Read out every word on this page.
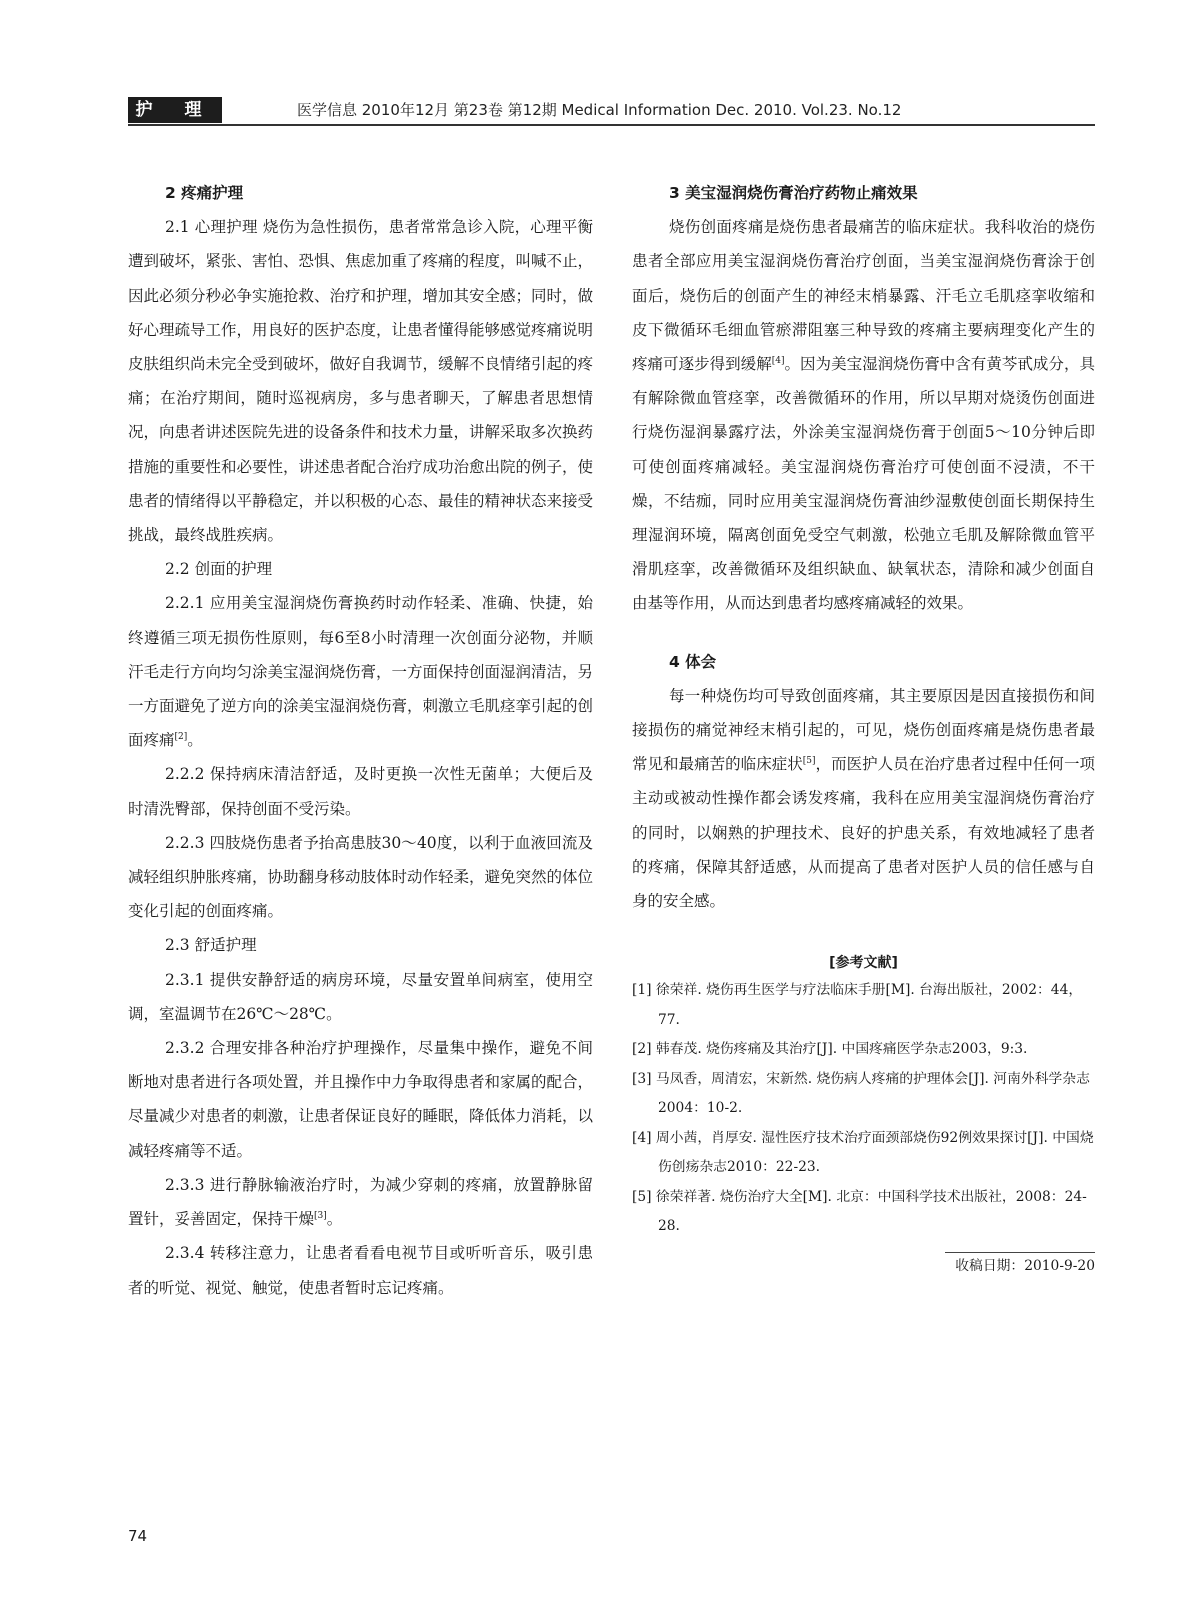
护 理	医学信息 2010年12月 第23卷 第12期 Medical Information Dec. 2010. Vol.23. No.12

2 疼痛护理

2.1 心理护理 烧伤为急性损伤，患者常常急诊入院，心理平衡遭到破坏，紧张、害怕、恐惧、焦虑加重了疼痛的程度，叫喊不止，因此必须分秒必争实施抢救、治疗和护理，增加其安全感；同时，做好心理疏导工作，用良好的医护态度，让患者懂得能够感觉疼痛说明皮肤组织尚未完全受到破坏，做好自我调节，缓解不良情绪引起的疼痛；在治疗期间，随时巡视病房，多与患者聊天，了解患者思想情况，向患者讲述医院先进的设备条件和技术力量，讲解采取多次换药措施的重要性和必要性，讲述患者配合治疗成功治愈出院的例子，使患者的情绪得以平静稳定，并以积极的心态、最佳的精神状态来接受挑战，最终战胜疾病。

2.2 创面的护理

2.2.1 应用美宝湿润烧伤膏换药时动作轻柔、准确、快捷，始终遵循三项无损伤性原则，每6至8小时清理一次创面分泌物，并顺汗毛走行方向均匀涂美宝湿润烧伤膏，一方面保持创面湿润清洁，另一方面避免了逆方向的涂美宝湿润烧伤膏，刺激立毛肌痉挛引起的创面疼痛[2]。

2.2.2 保持病床清洁舒适，及时更换一次性无菌单；大便后及时清洗臀部，保持创面不受污染。

2.2.3 四肢烧伤患者予抬高患肢30～40度，以利于血液回流及减轻组织肿胀疼痛，协助翻身移动肢体时动作轻柔，避免突然的体位变化引起的创面疼痛。

2.3 舒适护理

2.3.1 提供安静舒适的病房环境，尽量安置单间病室，使用空调，室温调节在26℃～28℃。

2.3.2 合理安排各种治疗护理操作，尽量集中操作，避免不间断地对患者进行各项处置，并且操作中力争取得患者和家属的配合，尽量减少对患者的刺激，让患者保证良好的睡眠，降低体力消耗，以减轻疼痛等不适。

2.3.3 进行静脉输液治疗时，为减少穿刺的疼痛，放置静脉留置针，妥善固定，保持干燥[3]。

2.3.4 转移注意力，让患者看看电视节目或听听音乐，吸引患者的听觉、视觉、触觉，使患者暂时忘记疼痛。

3 美宝湿润烧伤膏治疗药物止痛效果

烧伤创面疼痛是烧伤患者最痛苦的临床症状。我科收治的烧伤患者全部应用美宝湿润烧伤膏治疗创面，当美宝湿润烧伤膏涂于创面后，烧伤后的创面产生的神经末梢暴露、汗毛立毛肌痉挛收缩和皮下微循环毛细血管瘀滞阻塞三种导致的疼痛主要病理变化产生的疼痛可逐步得到缓解[4]。因为美宝湿润烧伤膏中含有黄芩甙成分，具有解除微血管痉挛，改善微循环的作用，所以早期对烧烫伤创面进行烧伤湿润暴露疗法，外涂美宝湿润烧伤膏于创面5～10分钟后即可使创面疼痛减轻。美宝湿润烧伤膏治疗可使创面不浸渍，不干燥，不结痂，同时应用美宝湿润烧伤膏油纱湿敷使创面长期保持生理湿润环境，隔离创面免受空气刺激，松弛立毛肌及解除微血管平滑肌痉挛，改善微循环及组织缺血、缺氧状态，清除和减少创面自由基等作用，从而达到患者均感疼痛减轻的效果。

4 体会

每一种烧伤均可导致创面疼痛，其主要原因是因直接损伤和间接损伤的痛觉神经末梢引起的，可见，烧伤创面疼痛是烧伤患者最常见和最痛苦的临床症状[5]，而医护人员在治疗患者过程中任何一项主动或被动性操作都会诱发疼痛，我科在应用美宝湿润烧伤膏治疗的同时，以娴熟的护理技术、良好的护患关系，有效地减轻了患者的疼痛，保障其舒适感，从而提高了患者对医护人员的信任感与自身的安全感。

[参考文献]

[1] 徐荣祥. 烧伤再生医学与疗法临床手册[M]. 台海出版社，2002：44，77.

[2] 韩春茂. 烧伤疼痛及其治疗[J]. 中国疼痛医学杂志2003，9:3.

[3] 马凤香，周清宏，宋新然. 烧伤病人疼痛的护理体会[J]. 河南外科学杂志2004：10-2.

[4] 周小茜，肖厚安. 湿性医疗技术治疗面颈部烧伤92例效果探讨[J]. 中国烧伤创疡杂志2010：22-23.

[5] 徐荣祥著. 烧伤治疗大全[M]. 北京：中国科学技术出版社，2008：24-28.

收稿日期：2010-9-20

74
